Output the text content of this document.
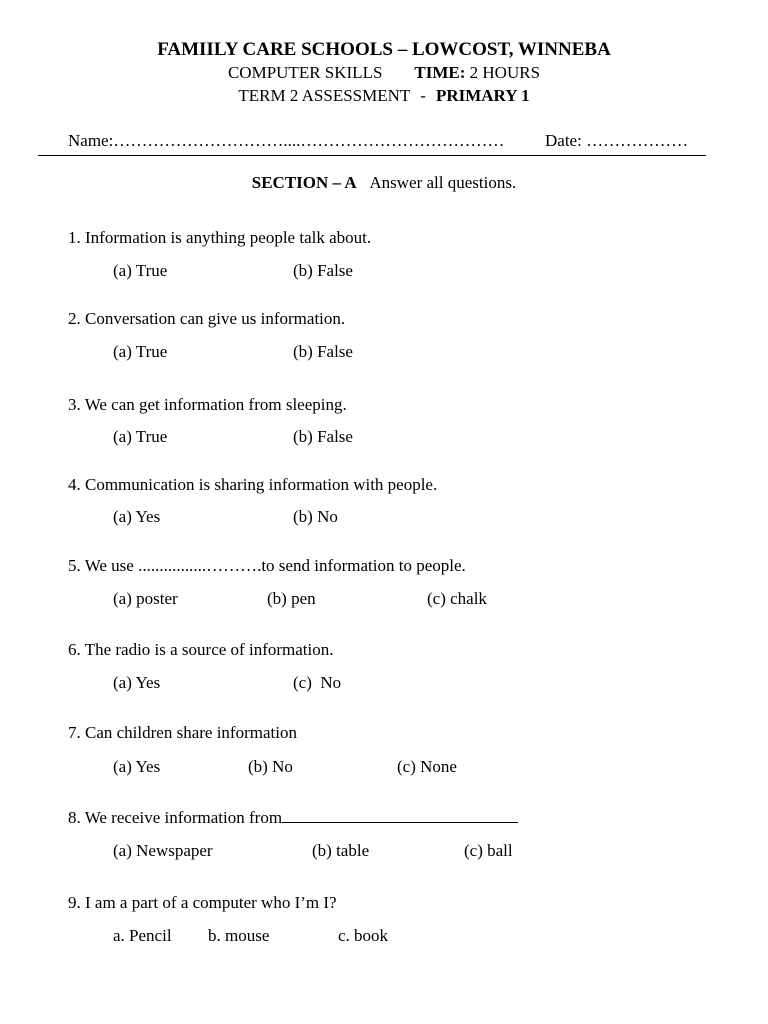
FAMIILY CARE SCHOOLS – LOWCOST, WINNEBA
COMPUTER SKILLS TIME: 2 HOURS
TERM 2 ASSESSMENT - PRIMARY 1
Name:…………………………....……………………………… Date: ………………
SECTION – A Answer all questions.
1. Information is anything people talk about.
(a) True	(b) False
2. Conversation can give us information.
(a) True	(b) False
3. We can get information from sleeping.
(a) True	(b) False
4. Communication is sharing information with people.
(a) Yes	(b) No
5. We use ................……….to send information to people.
(a) poster	(b) pen	(c) chalk
6. The radio is a source of information.
(a) Yes	(c)  No
7. Can children share information
(a) Yes	(b) No	(c) None
8. We receive information from
(a) Newspaper	(b) table	(c) ball
9. I am a part of a computer who I’m I?
a. Pencil b. mouse	c. book
